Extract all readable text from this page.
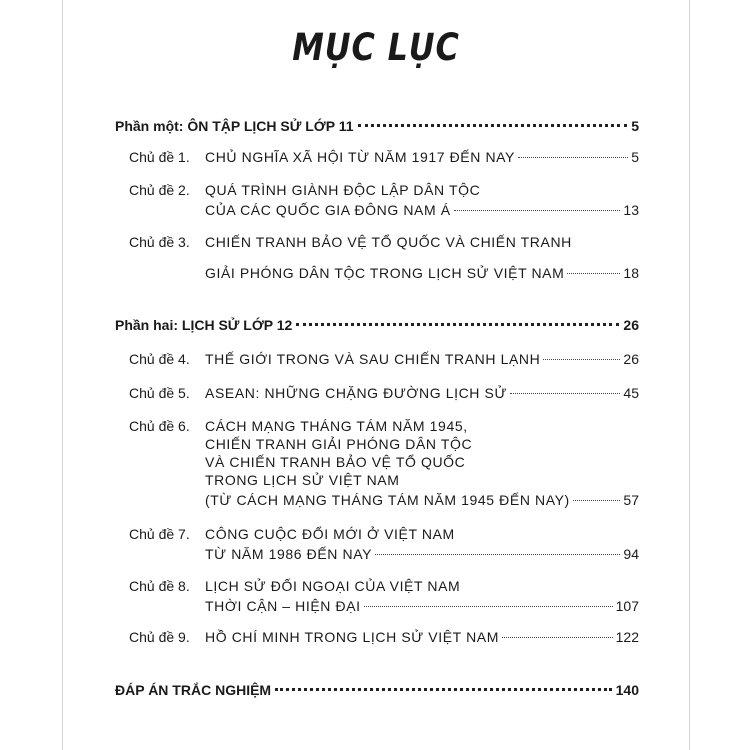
MỤC LỤC
Phần một: ÔN TẬP LỊCH SỬ LỚP 11	5
Chủ đề 1.	CHỦ NGHĨA XÃ HỘI TỪ NĂM 1917 ĐẾN NAY	5
Chủ đề 2.	QUÁ TRÌNH GIÀNH ĐỘC LẬP DÂN TỘC
CỦA CÁC QUỐC GIA ĐÔNG NAM Á	13
Chủ đề 3.	CHIẾN TRANH BẢO VỆ TỔ QUỐC VÀ CHIẾN TRANH
GIẢI PHÓNG DÂN TỘC TRONG LỊCH SỬ VIỆT NAM	18
Phần hai: LỊCH SỬ LỚP 12	26
Chủ đề 4.	THẾ GIỚI TRONG VÀ SAU CHIẾN TRANH LẠNH	26
Chủ đề 5.	ASEAN: NHỮNG CHẶNG ĐƯỜNG LỊCH SỬ	45
Chủ đề 6.	CÁCH MẠNG THÁNG TÁM NĂM 1945,
CHIẾN TRANH GIẢI PHÓNG DÂN TỘC
VÀ CHIẾN TRANH BẢO VỆ TỔ QUỐC
TRONG LỊCH SỬ VIỆT NAM
(TỪ CÁCH MẠNG THÁNG TÁM NĂM 1945 ĐẾN NAY)	57
Chủ đề 7.	CÔNG CUỘC ĐỔI MỚI Ở VIỆT NAM
TỪ NĂM 1986 ĐẾN NAY	94
Chủ đề 8.	LỊCH SỬ ĐỐI NGOẠI CỦA VIỆT NAM
THỜI CẬN – HIỆN ĐẠI	107
Chủ đề 9.	HỒ CHÍ MINH TRONG LỊCH SỬ VIỆT NAM	122
ĐÁP ÁN TRẮC NGHIỆM	140
